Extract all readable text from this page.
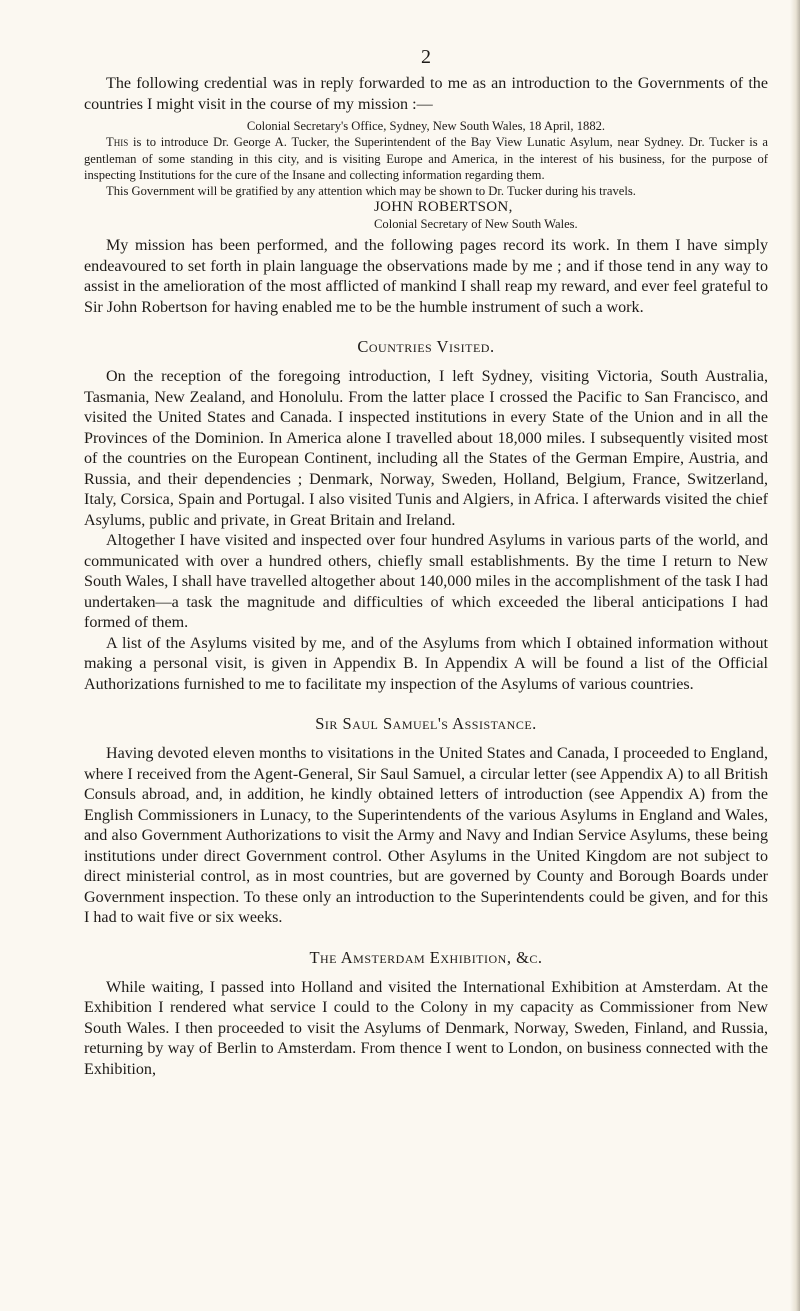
2

The following credential was in reply forwarded to me as an introduction to the Governments of the countries I might visit in the course of my mission :—

Colonial Secretary's Office, Sydney, New South Wales, 18 April, 1882.

This is to introduce Dr. George A. Tucker, the Superintendent of the Bay View Lunatic Asylum, near Sydney. Dr. Tucker is a gentleman of some standing in this city, and is visiting Europe and America, in the interest of his business, for the purpose of inspecting Institutions for the cure of the Insane and collecting information regarding them.

This Government will be gratified by any attention which may be shown to Dr. Tucker during his travels.

JOHN ROBERTSON,
Colonial Secretary of New South Wales.

My mission has been performed, and the following pages record its work. In them I have simply endeavoured to set forth in plain language the observations made by me ; and if those tend in any way to assist in the amelioration of the most afflicted of mankind I shall reap my reward, and ever feel grateful to Sir John Robertson for having enabled me to be the humble instrument of such a work.

Countries Visited.

On the reception of the foregoing introduction, I left Sydney, visiting Victoria, South Australia, Tasmania, New Zealand, and Honolulu. From the latter place I crossed the Pacific to San Francisco, and visited the United States and Canada. I inspected institutions in every State of the Union and in all the Provinces of the Dominion. In America alone I travelled about 18,000 miles. I subsequently visited most of the countries on the European Continent, including all the States of the German Empire, Austria, and Russia, and their dependencies ; Denmark, Norway, Sweden, Holland, Belgium, France, Switzerland, Italy, Corsica, Spain and Portugal. I also visited Tunis and Algiers, in Africa. I afterwards visited the chief Asylums, public and private, in Great Britain and Ireland.

Altogether I have visited and inspected over four hundred Asylums in various parts of the world, and communicated with over a hundred others, chiefly small establishments. By the time I return to New South Wales, I shall have travelled altogether about 140,000 miles in the accomplishment of the task I had undertaken—a task the magnitude and difficulties of which exceeded the liberal anticipations I had formed of them.

A list of the Asylums visited by me, and of the Asylums from which I obtained information without making a personal visit, is given in Appendix B. In Appendix A will be found a list of the Official Authorizations furnished to me to facilitate my inspection of the Asylums of various countries.

Sir Saul Samuel's Assistance.

Having devoted eleven months to visitations in the United States and Canada, I proceeded to England, where I received from the Agent-General, Sir Saul Samuel, a circular letter (see Appendix A) to all British Consuls abroad, and, in addition, he kindly obtained letters of introduction (see Appendix A) from the English Commissioners in Lunacy, to the Superintendents of the various Asylums in England and Wales, and also Government Authorizations to visit the Army and Navy and Indian Service Asylums, these being institutions under direct Government control. Other Asylums in the United Kingdom are not subject to direct ministerial control, as in most countries, but are governed by County and Borough Boards under Government inspection. To these only an introduction to the Superintendents could be given, and for this I had to wait five or six weeks.

The Amsterdam Exhibition, &c.

While waiting, I passed into Holland and visited the International Exhibition at Amsterdam. At the Exhibition I rendered what service I could to the Colony in my capacity as Commissioner from New South Wales. I then proceeded to visit the Asylums of Denmark, Norway, Sweden, Finland, and Russia, returning by way of Berlin to Amsterdam. From thence I went to London, on business connected with the Exhibition,
